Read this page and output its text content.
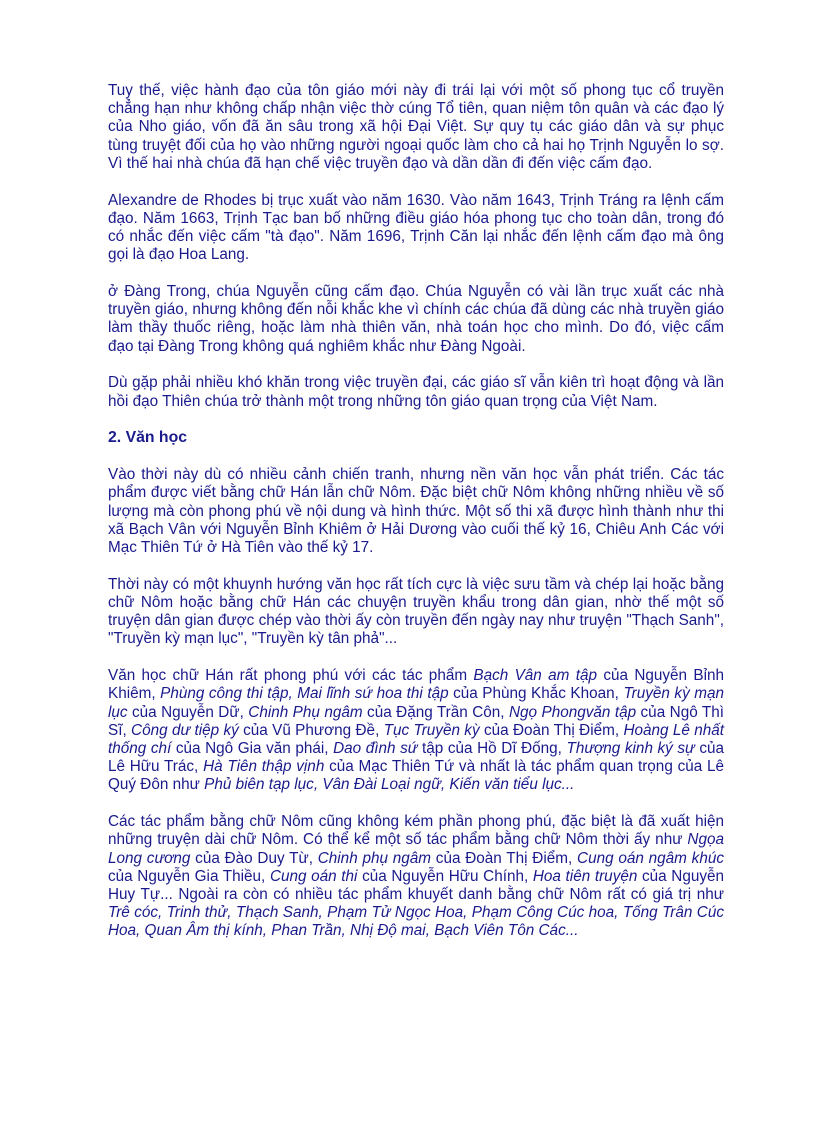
Tuy thế, việc hành đạo của tôn giáo mới này đi trái lại với một số phong tục cổ truyền chẳng hạn như không chấp nhận việc thờ cúng Tổ tiên, quan niệm tôn quân và các đạo lý của Nho giáo, vốn đã ăn sâu trong xã hội Đại Việt. Sự quy tụ các giáo dân và sự phục tùng truyệt đối của họ vào những người ngoại quốc làm cho cả hai họ Trịnh Nguyễn lo sợ. Vì thế hai nhà chúa đã hạn chế việc truyền đạo và dần dần đi đến việc cấm đạo.

Alexandre de Rhodes bị trục xuất vào năm 1630. Vào năm 1643, Trịnh Tráng ra lệnh cấm đạo. Năm 1663, Trịnh Tạc ban bố những điều giáo hóa phong tục cho toàn dân, trong đó có nhắc đến việc cấm "tà đạo". Năm 1696, Trịnh Căn lại nhắc đến lệnh cấm đạo mà ông gọi là đạo Hoa Lang.

ở Đàng Trong, chúa Nguyễn cũng cấm đạo. Chúa Nguyễn có vài lần trục xuất các nhà truyền giáo, nhưng không đến nỗi khắc khe vì chính các chúa đã dùng các nhà truyền giáo làm thầy thuốc riêng, hoặc làm nhà thiên văn, nhà toán học cho mình. Do đó, việc cấm đạo tại Đàng Trong không quá nghiêm khắc như Đàng Ngoài.

Dù gặp phải nhiều khó khăn trong việc truyền đại, các giáo sĩ vẫn kiên trì hoạt động và lần hồi đạo Thiên chúa trở thành một trong những tôn giáo quan trọng của Việt Nam.

2. Văn học

Vào thời này dù có nhiều cảnh chiến tranh, nhưng nền văn học vẫn phát triển. Các tác phẩm được viết bằng chữ Hán lẫn chữ Nôm. Đặc biệt chữ Nôm không những nhiều về số lượng mà còn phong phú về nội dung và hình thức. Một số thi xã được hình thành như thi xã Bạch Vân với Nguyễn Bỉnh Khiêm ở Hải Dương vào cuối thế kỷ 16, Chiêu Anh Các với Mạc Thiên Tứ ở Hà Tiên vào thế kỷ 17.

Thời này có một khuynh hướng văn học rất tích cực là việc sưu tầm và chép lại hoặc bằng chữ Nôm hoặc bằng chữ Hán các chuyện truyền khẩu trong dân gian, nhờ thế một số truyện dân gian được chép vào thời ấy còn truyền đến ngày nay như truyện "Thạch Sanh", "Truyền kỳ mạn lục", "Truyền kỳ tân phả"...

Văn học chữ Hán rất phong phú với các tác phẩm Bạch Vân am tập của Nguyễn Bỉnh Khiêm, Phùng công thi tập, Mai lĩnh sứ hoa thi tập của Phùng Khắc Khoan, Truyền kỳ mạn lục của Nguyễn Dữ, Chinh Phụ ngâm của Đặng Trần Côn, Ngọ Phongvăn tập của Ngô Thì Sĩ, Công dư tiệp ký của Vũ Phương Đề, Tục Truyền kỳ của Đoàn Thị Điểm, Hoàng Lê nhất thống chí của Ngô Gia văn phái, Dao đình sứ tập của Hồ Dĩ Đống, Thượng kinh ký sự của Lê Hữu Trác, Hà Tiên thập vịnh của Mạc Thiên Tứ và nhất là tác phẩm quan trọng của Lê Quý Đôn như Phủ biên tạp lục, Vân Đài Loại ngữ, Kiến văn tiểu lục...

Các tác phẩm bằng chữ Nôm cũng không kém phần phong phú, đặc biệt là đã xuất hiện những truyện dài chữ Nôm. Có thể kể một số tác phẩm bằng chữ Nôm thời ấy như Ngọa Long cương của Đào Duy Từ, Chinh phụ ngâm của Đoàn Thị Điểm, Cung oán ngâm khúc của Nguyễn Gia Thiều, Cung oán thi của Nguyễn Hữu Chính, Hoa tiên truyện của Nguyễn Huy Tự... Ngoài ra còn có nhiều tác phẩm khuyết danh bằng chữ Nôm rất có giá trị như Trê cóc, Trinh thử, Thạch Sanh, Phạm Tử Ngọc Hoa, Phạm Công Cúc hoa, Tống Trân Cúc Hoa, Quan Âm thị kính, Phan Trần, Nhị Độ mai, Bạch Viên Tôn Các...
